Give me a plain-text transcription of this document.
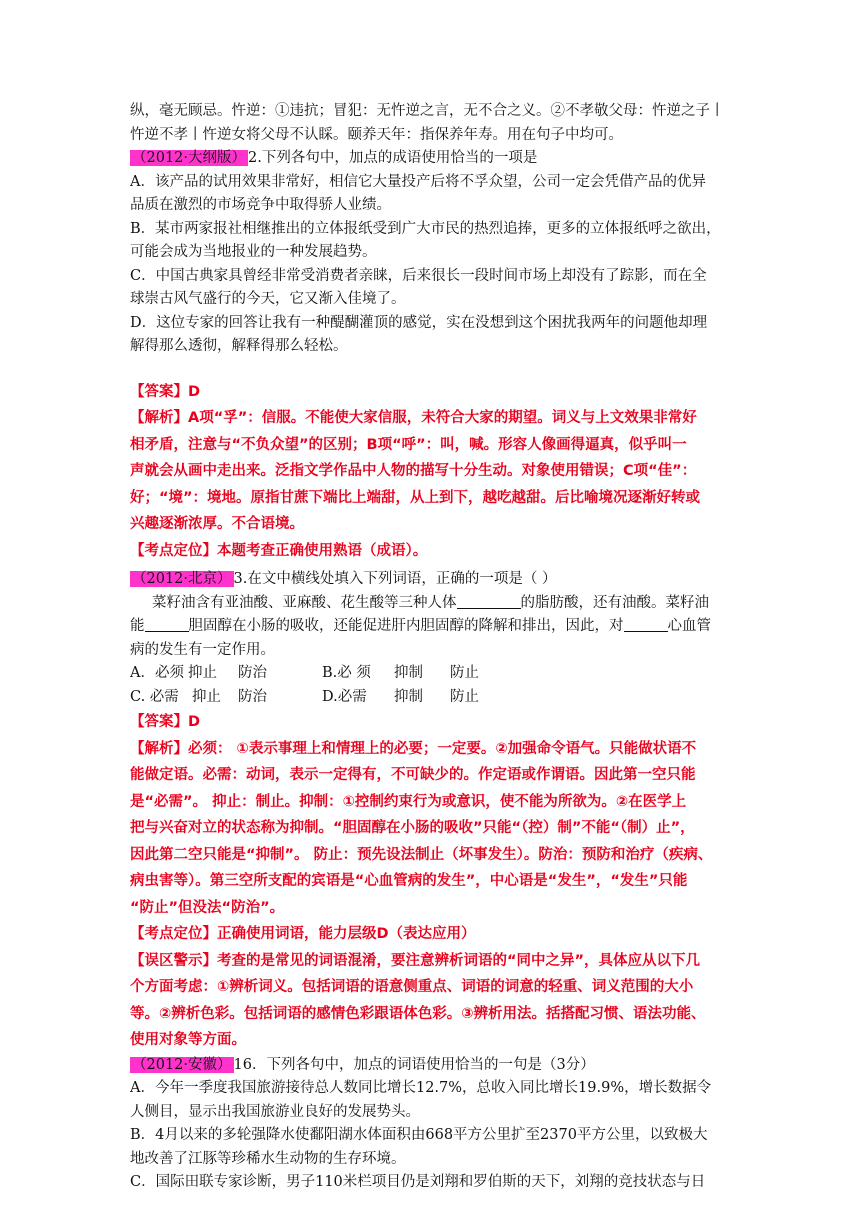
纵，毫无顾忌。忤逆：①违抗；冒犯：无忤逆之言，无不合之义。②不孝敬父母：忤逆之子丨
忤逆不孝丨忤逆女将父母不认睬。颐养天年：指保养年寿。用在句子中均可。
（2012·大纲版） 2.下列各句中，加点的成语使用恰当的一项是
A．该产品的试用效果非常好，相信它大量投产后将不孚众望，公司一定会凭借产品的优异
品质在激烈的市场竞争中取得骄人业绩。
B．某市两家报社相继推出的立体报纸受到广大市民的热烈追捧，更多的立体报纸呼之欲出，
可能会成为当地报业的一种发展趋势。
C．中国古典家具曾经非常受消费者亲睐，后来很长一段时间市场上却没有了踪影，而在全
球崇古风气盛行的今天，它又渐入佳境了。
D．这位专家的回答让我有一种醍醐灌顶的感觉，实在没想到这个困扰我两年的问题他却理
解得那么透彻，解释得那么轻松。
【答案】D
【解析】A项“孚”：信服。不能使大家信服，未符合大家的期望。词义与上文效果非常好
相矛盾，注意与“不负众望”的区别；B项“呼”：叫，喊。形容人像画得逼真，似乎叫一
声就会从画中走出来。泛指文学作品中人物的描写十分生动。对象使用错误；C项“佳”：
好；“境”：境地。原指甘蔗下端比上端甜，从上到下，越吃越甜。后比喻境况逐渐好转或
兴趣逐渐浓厚。不合语境。
【考点定位】本题考查正确使用熟语（成语）。
（2012·北京） 3.在文中横线处填入下列词语，正确的一项是（ ）
菜籽油含有亚油酸、亚麻酸、花生酸等三种人体	的脂肪酸，还有油酸。菜籽油
能	胆固醇在小肠的吸收，还能促进肝内胆固醇的降解和排出，因此，对	心血管
病的发生有一定作用。
A．必须 抑止 防治	B.必 须 抑制 防止
C. 必需 抑止 防治	D.必需 抑制 防止
【答案】D
【解析】必须： ①表示事理上和情理上的必要；一定要。②加强命令语气。只能做状语不
能做定语。必需：动词，表示一定得有，不可缺少的。作定语或作谓语。因此第一空只能
是“必需”。 抑止：制止。抑制：①控制约束行为或意识，使不能为所欲为。②在医学上
把与兴奋对立的状态称为抑制。“胆固醇在小肠的吸收”只能“（控）制”不能“（制）止”，
因此第二空只能是“抑制”。 防止：预先设法制止（坏事发生）。防治：预防和治疗（疾病、
病虫害等）。第三空所支配的宾语是“心血管病的发生”，中心语是“发生”，“发生”只能
“防止”但没法“防治”。
【考点定位】正确使用词语，能力层级D（表达应用）
【误区警示】考查的是常见的词语混淆，要注意辨析词语的“同中之异”，具体应从以下几
个方面考虑：①辨析词义。包括词语的语意侧重点、词语的词意的轻重、词义范围的大小
等。②辨析色彩。包括词语的感情色彩跟语体色彩。③辨析用法。括搭配习惯、语法功能、
使用对象等方面。
（2012·安徽） 16．下列各句中，加点的词语使用恰当的一句是（3分）
A．今年一季度我国旅游接待总人数同比增长12.7%，总收入同比增长19.9%，增长数据令
人侧目，显示出我国旅游业良好的发展势头。
B．4月以来的多轮强降水使鄱阳湖水体面积由668平方公里扩至2370平方公里，以致极大
地改善了江豚等珍稀水生动物的生存环境。
C．国际田联专家诊断，男子110米栏项目仍是刘翔和罗伯斯的天下，刘翔的竞技状态与日
